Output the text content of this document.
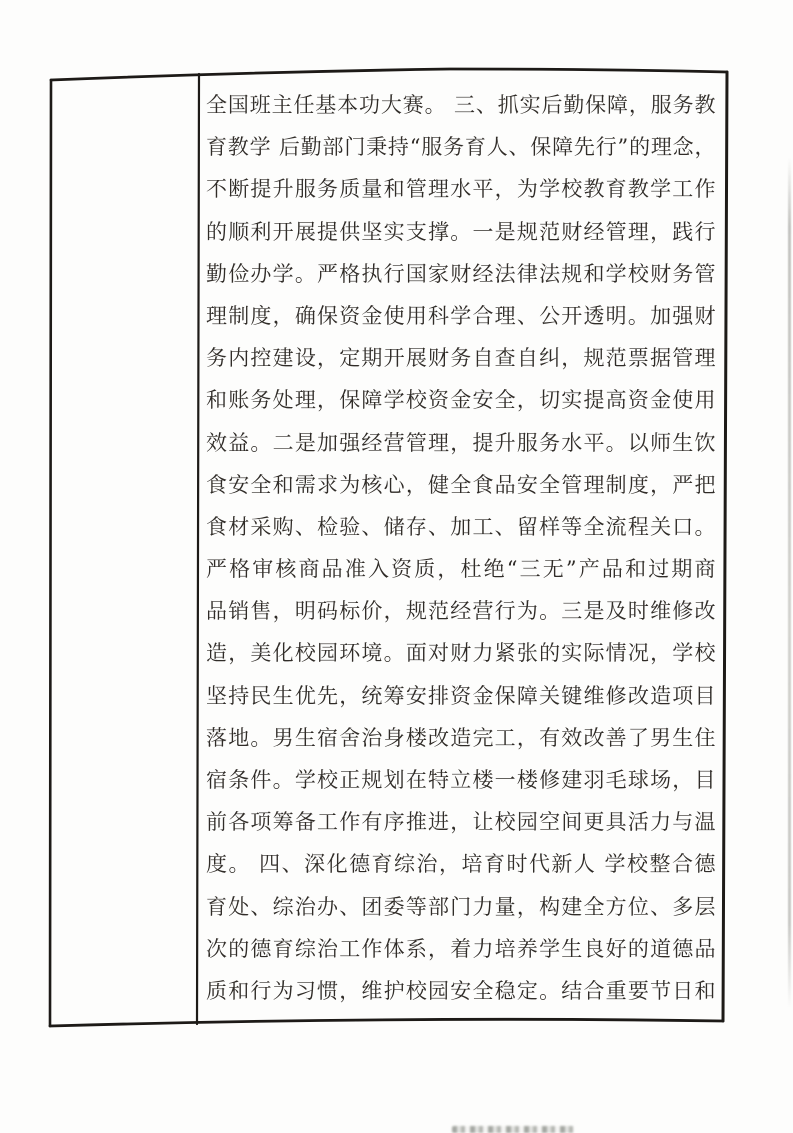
全国班主任基本功大赛。 三、抓实后勤保障，服务教
育教学 后勤部门秉持“服务育人、保障先行”的理念，
不断提升服务质量和管理水平，为学校教育教学工作
的顺利开展提供坚实支撑。一是规范财经管理，践行
勤俭办学。严格执行国家财经法律法规和学校财务管
理制度，确保资金使用科学合理、公开透明。加强财
务内控建设，定期开展财务自查自纠，规范票据管理
和账务处理，保障学校资金安全，切实提高资金使用
效益。二是加强经营管理，提升服务水平。以师生饮
食安全和需求为核心，健全食品安全管理制度，严把
食材采购、检验、储存、加工、留样等全流程关口。
严格审核商品准入资质，杜绝“三无”产品和过期商
品销售，明码标价，规范经营行为。三是及时维修改
造，美化校园环境。面对财力紧张的实际情况，学校
坚持民生优先，统筹安排资金保障关键维修改造项目
落地。男生宿舍治身楼改造完工，有效改善了男生住
宿条件。学校正规划在特立楼一楼修建羽毛球场，目
前各项筹备工作有序推进，让校园空间更具活力与温
度。 四、深化德育综治，培育时代新人 学校整合德
育处、综治办、团委等部门力量，构建全方位、多层
次的德育综治工作体系，着力培养学生良好的道德品
质和行为习惯，维护校园安全稳定。结合重要节日和
